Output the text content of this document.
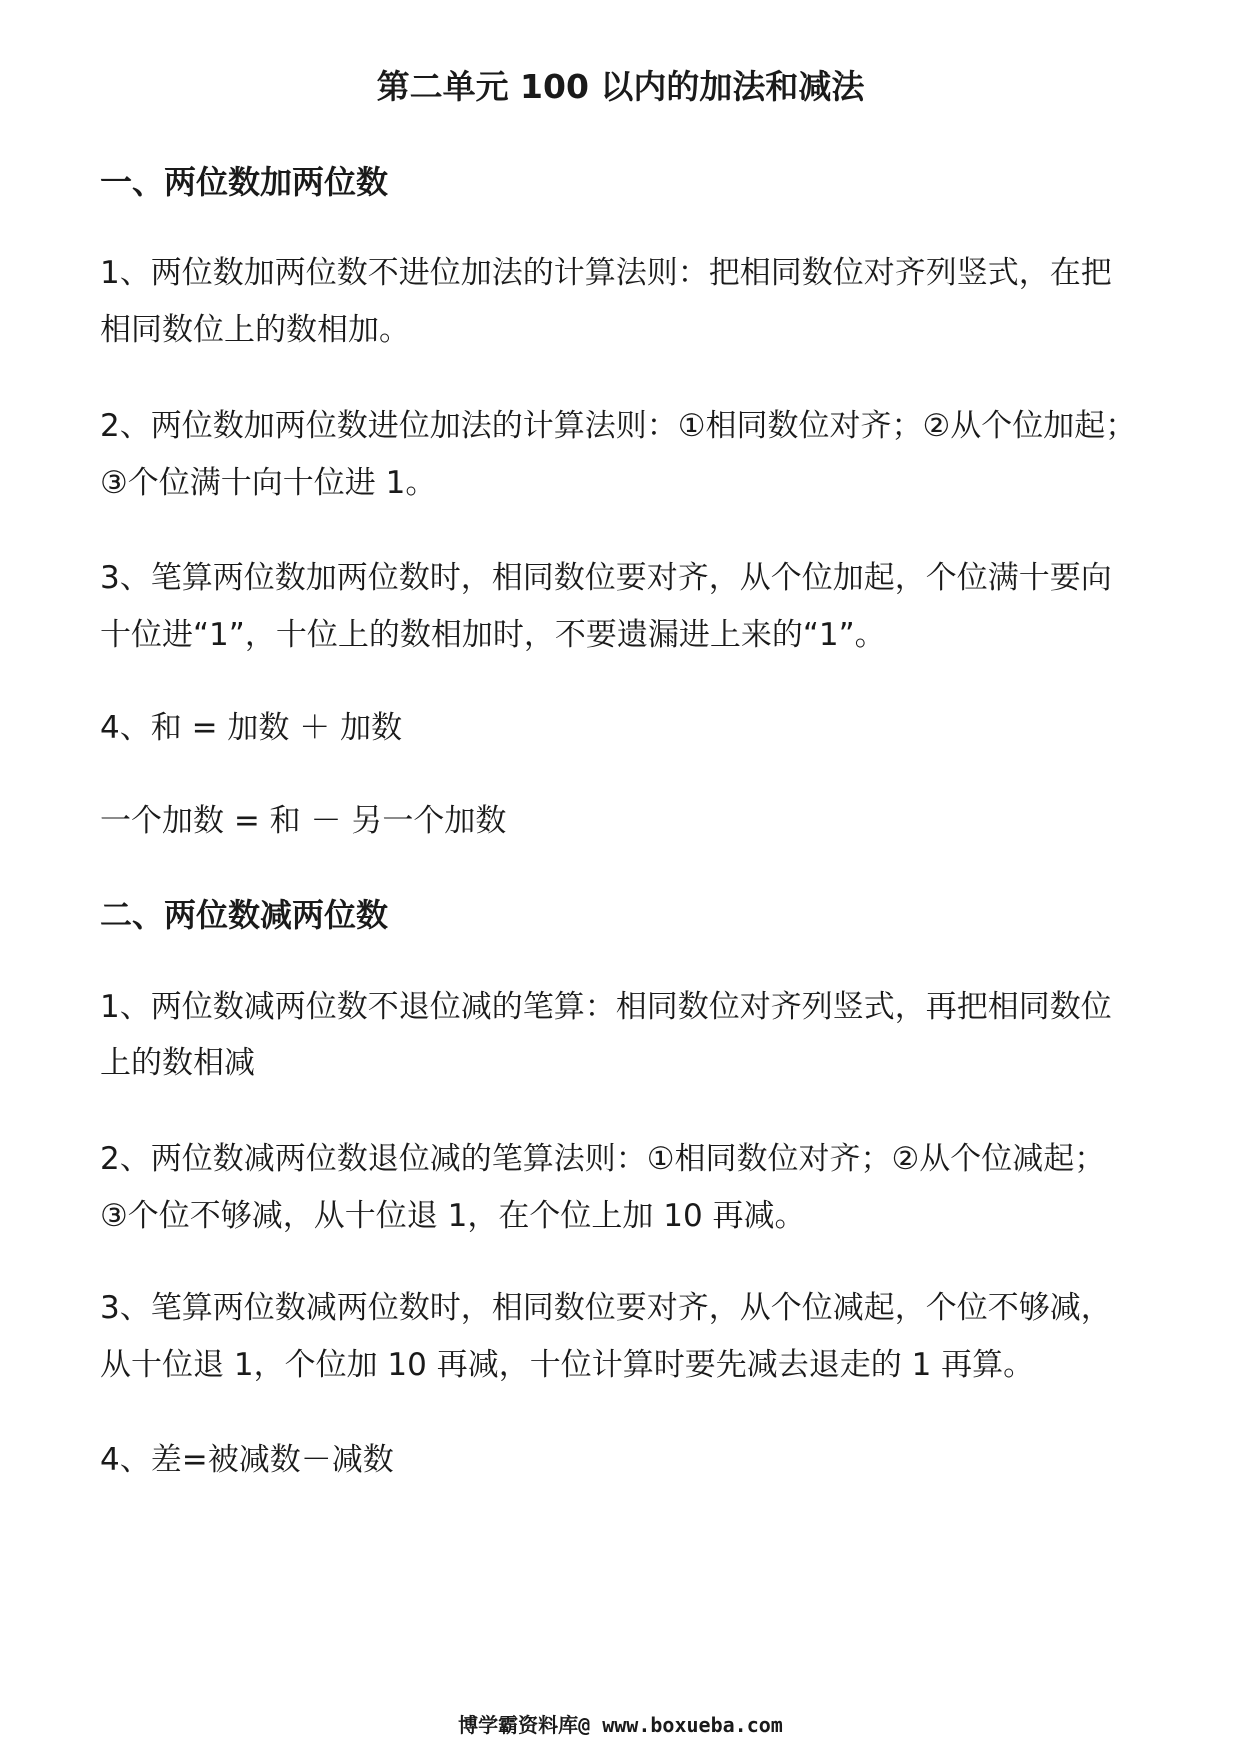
第二单元 100 以内的加法和减法
一、两位数加两位数

1、两位数加两位数不进位加法的计算法则：把相同数位对齐列竖式，在把

相同数位上的数相加。

2、两位数加两位数进位加法的计算法则：①相同数位对齐；②从个位加起；

③个位满十向十位进 1。

3、笔算两位数加两位数时，相同数位要对齐，从个位加起，个位满十要向

十位进“1”，十位上的数相加时，不要遗漏进上来的“1”。

4、和 = 加数 ＋ 加数

一个加数 = 和 － 另一个加数

二、两位数减两位数

1、两位数减两位数不退位减的笔算：相同数位对齐列竖式，再把相同数位

上的数相减

2、两位数减两位数退位减的笔算法则：①相同数位对齐；②从个位减起；

③个位不够减，从十位退 1，在个位上加 10 再减。

3、笔算两位数减两位数时，相同数位要对齐，从个位减起，个位不够减，

从十位退 1，个位加 10 再减，十位计算时要先减去退走的 1 再算。

4、差=被减数－减数

博学霸资料库@ www.boxueba.com
